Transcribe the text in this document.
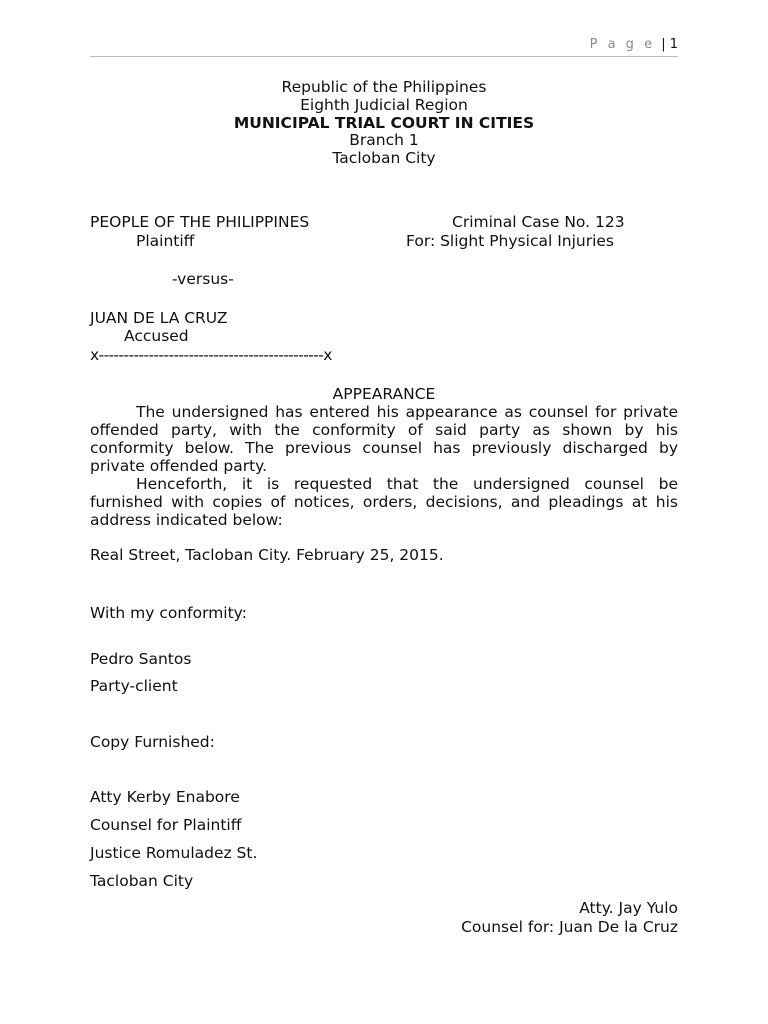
P a g e | 1
Republic of the Philippines
Eighth Judicial Region
MUNICIPAL TRIAL COURT IN CITIES
Branch 1
Tacloban City
PEOPLE OF THE PHILIPPINES
Plaintiff
Criminal Case No. 123
For: Slight Physical Injuries
-versus-
JUAN DE LA CRUZ
Accused
x---------------------------------------------x
APPEARANCE
The undersigned has entered his appearance as counsel for private offended party, with the conformity of said party as shown by his conformity below. The previous counsel has previously discharged by private offended party.
Henceforth, it is requested that the undersigned counsel be furnished with copies of notices, orders, decisions, and pleadings at his address indicated below:
Real Street, Tacloban City. February 25, 2015.
With my conformity:
Pedro Santos
Party-client
Copy Furnished:
Atty Kerby Enabore
Counsel for Plaintiff
Justice Romuladez St.
Tacloban City
Atty. Jay Yulo
Counsel for: Juan De la Cruz
